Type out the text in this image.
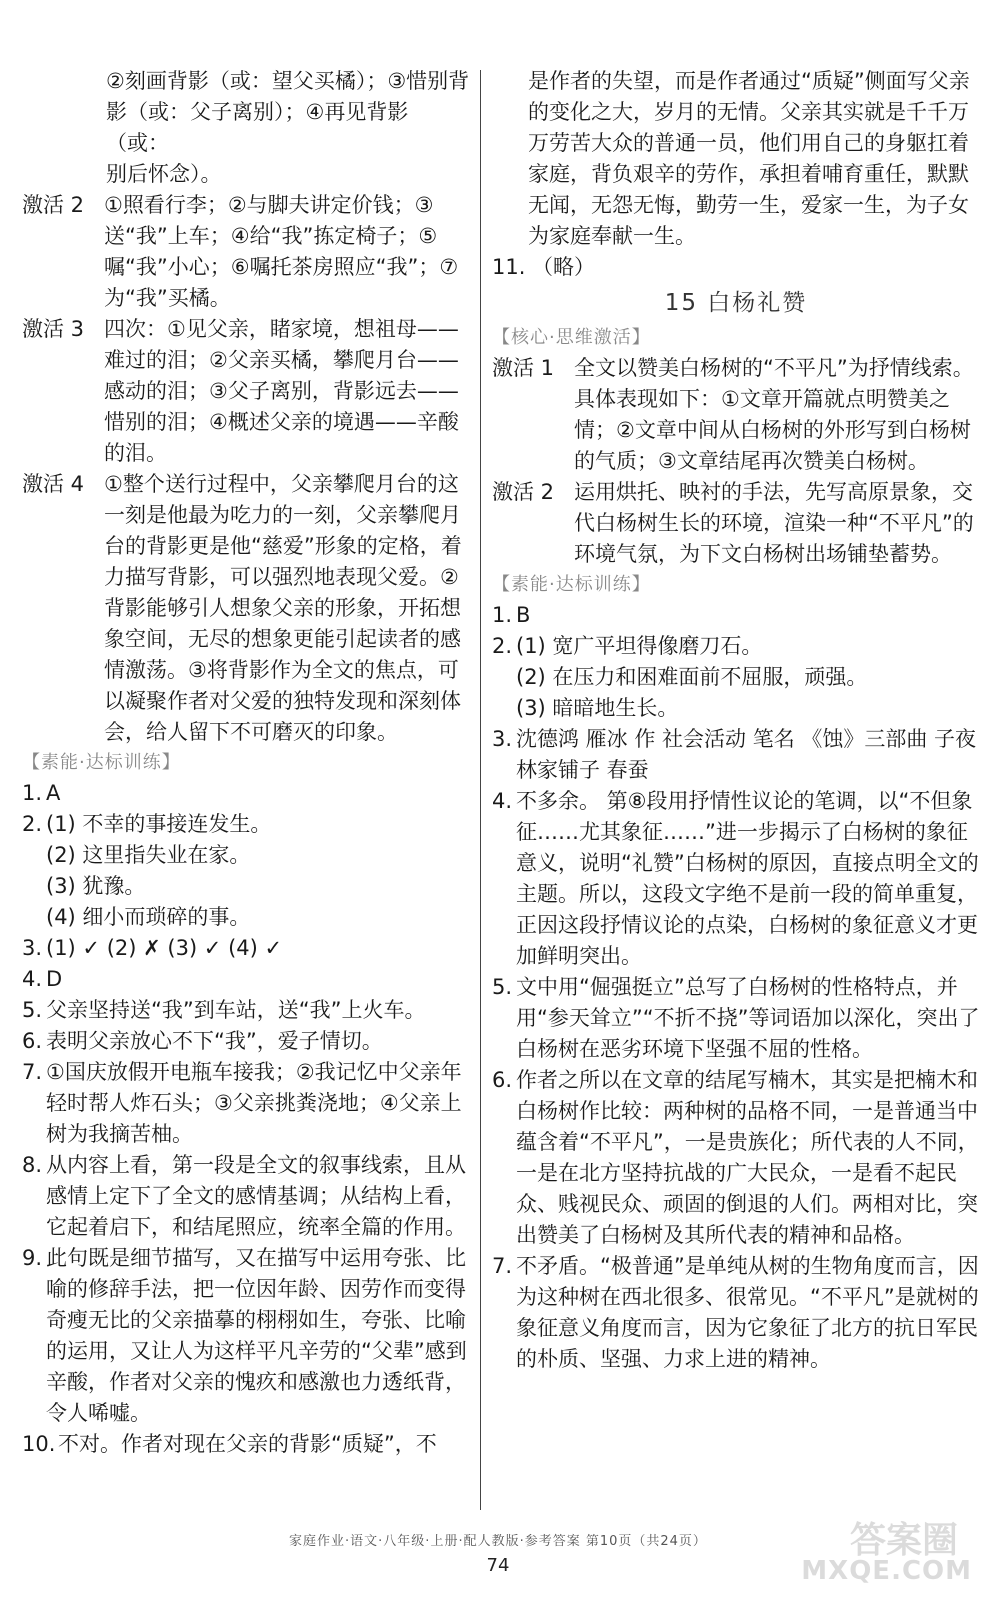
②刻画背影（或：望父买橘）；③惜别背

影（或：父子离别）；④再见背影（或：

别后怀念）。

激活 2 ①照看行李；②与脚夫讲定价钱；③送“我”上车；④给“我”拣定椅子；⑤嘱“我”小心；⑥嘱托茶房照应“我”；⑦为“我”买橘。
激活 3 四次：①见父亲，睹家境，想祖母——难过的泪；②父亲买橘，攀爬月台——感动的泪；③父子离别，背影远去——惜别的泪；④概述父亲的境遇——辛酸的泪。
激活 4 ①整个送行过程中，父亲攀爬月台的这一刻是他最为吃力的一刻，父亲攀爬月台的背影更是他“慈爱”形象的定格，着力描写背影，可以强烈地表现父爱。②背影能够引人想象父亲的形象，开拓想象空间，无尽的想象更能引起读者的感情激荡。③将背影作为全文的焦点，可以凝聚作者对父爱的独特发现和深刻体会，给人留下不可磨灭的印象。
【素能·达标训练】
1. A
2. (1) 不幸的事接连发生。
(2) 这里指失业在家。
(3) 犹豫。
(4) 细小而琐碎的事。
3. (1) ✓ (2) ✗ (3) ✓ (4) ✓
4. D
5. 父亲坚持送“我”到车站，送“我”上火车。
6. 表明父亲放心不下“我”，爱子情切。
7. ①国庆放假开电瓶车接我；②我记忆中父亲年轻时帮人炸石头；③父亲挑粪浇地；④父亲上树为我摘苦柚。
8. 从内容上看，第一段是全文的叙事线索，且从感情上定下了全文的感情基调；从结构上看，它起着启下，和结尾照应，统率全篇的作用。
9. 此句既是细节描写，又在描写中运用夸张、比喻的修辞手法，把一位因年龄、因劳作而变得奇瘦无比的父亲描摹的栩栩如生，夸张、比喻的运用，又让人为这样平凡辛劳的“父辈”感到辛酸，作者对父亲的愧疚和感激也力透纸背，令人唏嘘。
10. 不对。作者对现在父亲的背影“质疑”，不
是作者的失望，而是作者通过“质疑”侧面写父亲的变化之大，岁月的无情。父亲其实就是千千万万劳苦大众的普通一员，他们用自己的身躯扛着家庭，背负艰辛的劳作，承担着哺育重任，默默无闻，无怨无悔，勤劳一生，爱家一生，为子女为家庭奉献一生。
11. （略）
15 白杨礼赞
【核心·思维激活】
激活 1 全文以赞美白杨树的“不平凡”为抒情线索。具体表现如下：①文章开篇就点明赞美之情；②文章中间从白杨树的外形写到白杨树的气质；③文章结尾再次赞美白杨树。
激活 2 运用烘托、映衬的手法，先写高原景象，交代白杨树生长的环境，渲染一种“不平凡”的环境气氛，为下文白杨树出场铺垫蓄势。
【素能·达标训练】
1. B
2. (1) 宽广平坦得像磨刀石。
(2) 在压力和困难面前不屈服，顽强。
(3) 暗暗地生长。
3. 沈德鸿 雁冰 作 社会活动 笔名 《蚀》三部曲 子夜 林家铺子 春蚕
4. 不多余。 第⑧段用抒情性议论的笔调，以“不但象征……尤其象征……”进一步揭示了白杨树的象征意义，说明“礼赞”白杨树的原因，直接点明全文的主题。所以，这段文字绝不是前一段的简单重复，正因这段抒情议论的点染，白杨树的象征意义才更加鲜明突出。
5. 文中用“倔强挺立”总写了白杨树的性格特点，并用“参天耸立”“不折不挠”等词语加以深化，突出了白杨树在恶劣环境下坚强不屈的性格。
6. 作者之所以在文章的结尾写楠木，其实是把楠木和白杨树作比较：两种树的品格不同，一是普通当中蕴含着“不平凡”，一是贵族化；所代表的人不同，一是在北方坚持抗战的广大民众，一是看不起民众、贱视民众、顽固的倒退的人们。两相对比，突出赞美了白杨树及其所代表的精神和品格。
7. 不矛盾。“极普通”是单纯从树的生物角度而言，因为这种树在西北很多、很常见。“不平凡”是就树的象征意义角度而言，因为它象征了北方的抗日军民的朴质、坚强、力求上进的精神。
家庭作业·语文·八年级·上册·配人教版·参考答案 第10页（共24页）
74
答案圈
MXQE.COM
